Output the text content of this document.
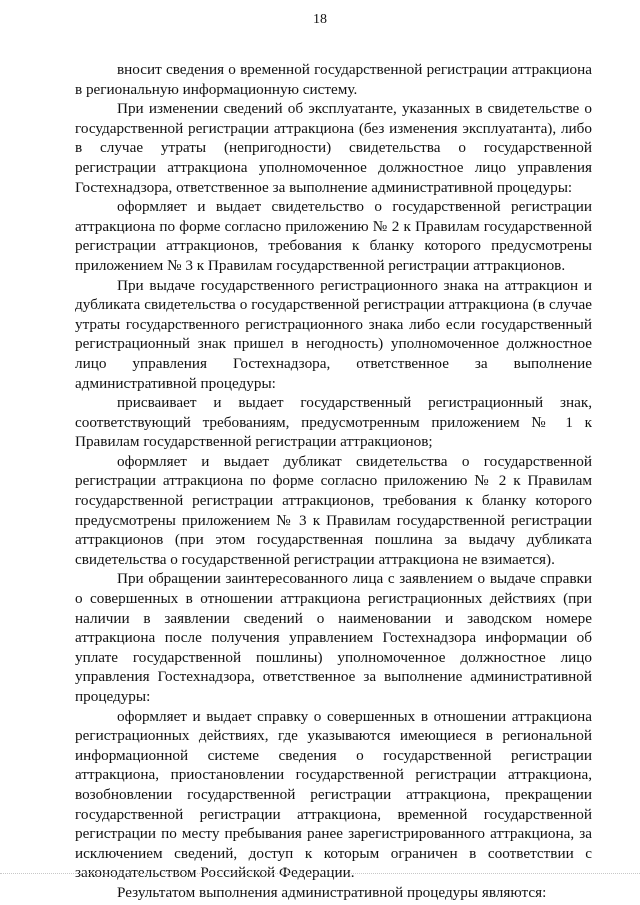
18

вносит сведения о временной государственной регистрации аттракциона в региональную информационную систему.

При изменении сведений об эксплуатанте, указанных в свидетельстве о государственной регистрации аттракциона (без изменения эксплуатанта), либо в случае утраты (непригодности) свидетельства о государственной регистрации аттракциона уполномоченное должностное лицо управления Гостехнадзора, ответственное за выполнение административной процедуры:

оформляет и выдает свидетельство о государственной регистрации аттракциона по форме согласно приложению № 2 к Правилам государственной регистрации аттракционов, требования к бланку которого предусмотрены приложением № 3 к Правилам государственной регистрации аттракционов.

При выдаче государственного регистрационного знака на аттракцион и дубликата свидетельства о государственной регистрации аттракциона (в случае утраты государственного регистрационного знака либо если государственный регистрационный знак пришел в негодность) уполномоченное должностное лицо управления Гостехнадзора, ответственное за выполнение административной процедуры:

присваивает и выдает государственный регистрационный знак, соответствующий требованиям, предусмотренным приложением № 1 к Правилам государственной регистрации аттракционов;

оформляет и выдает дубликат свидетельства о государственной регистрации аттракциона по форме согласно приложению № 2 к Правилам государственной регистрации аттракционов, требования к бланку которого предусмотрены приложением № 3 к Правилам государственной регистрации аттракционов (при этом государственная пошлина за выдачу дубликата свидетельства о государственной регистрации аттракциона не взимается).

При обращении заинтересованного лица с заявлением о выдаче справки о совершенных в отношении аттракциона регистрационных действиях (при наличии в заявлении сведений о наименовании и заводском номере аттракциона после получения управлением Гостехнадзора информации об уплате государственной пошлины) уполномоченное должностное лицо управления Гостехнадзора, ответственное за выполнение административной процедуры:

оформляет и выдает справку о совершенных в отношении аттракциона регистрационных действиях, где указываются имеющиеся в региональной информационной системе сведения о государственной регистрации аттракциона, приостановлении государственной регистрации аттракциона, возобновлении государственной регистрации аттракциона, прекращении государственной регистрации аттракциона, временной государственной регистрации по месту пребывания ранее зарегистрированного аттракциона, за исключением сведений, доступ к которым ограничен в соответствии с законодательством Российской Федерации.

Результатом выполнения административной процедуры являются:
